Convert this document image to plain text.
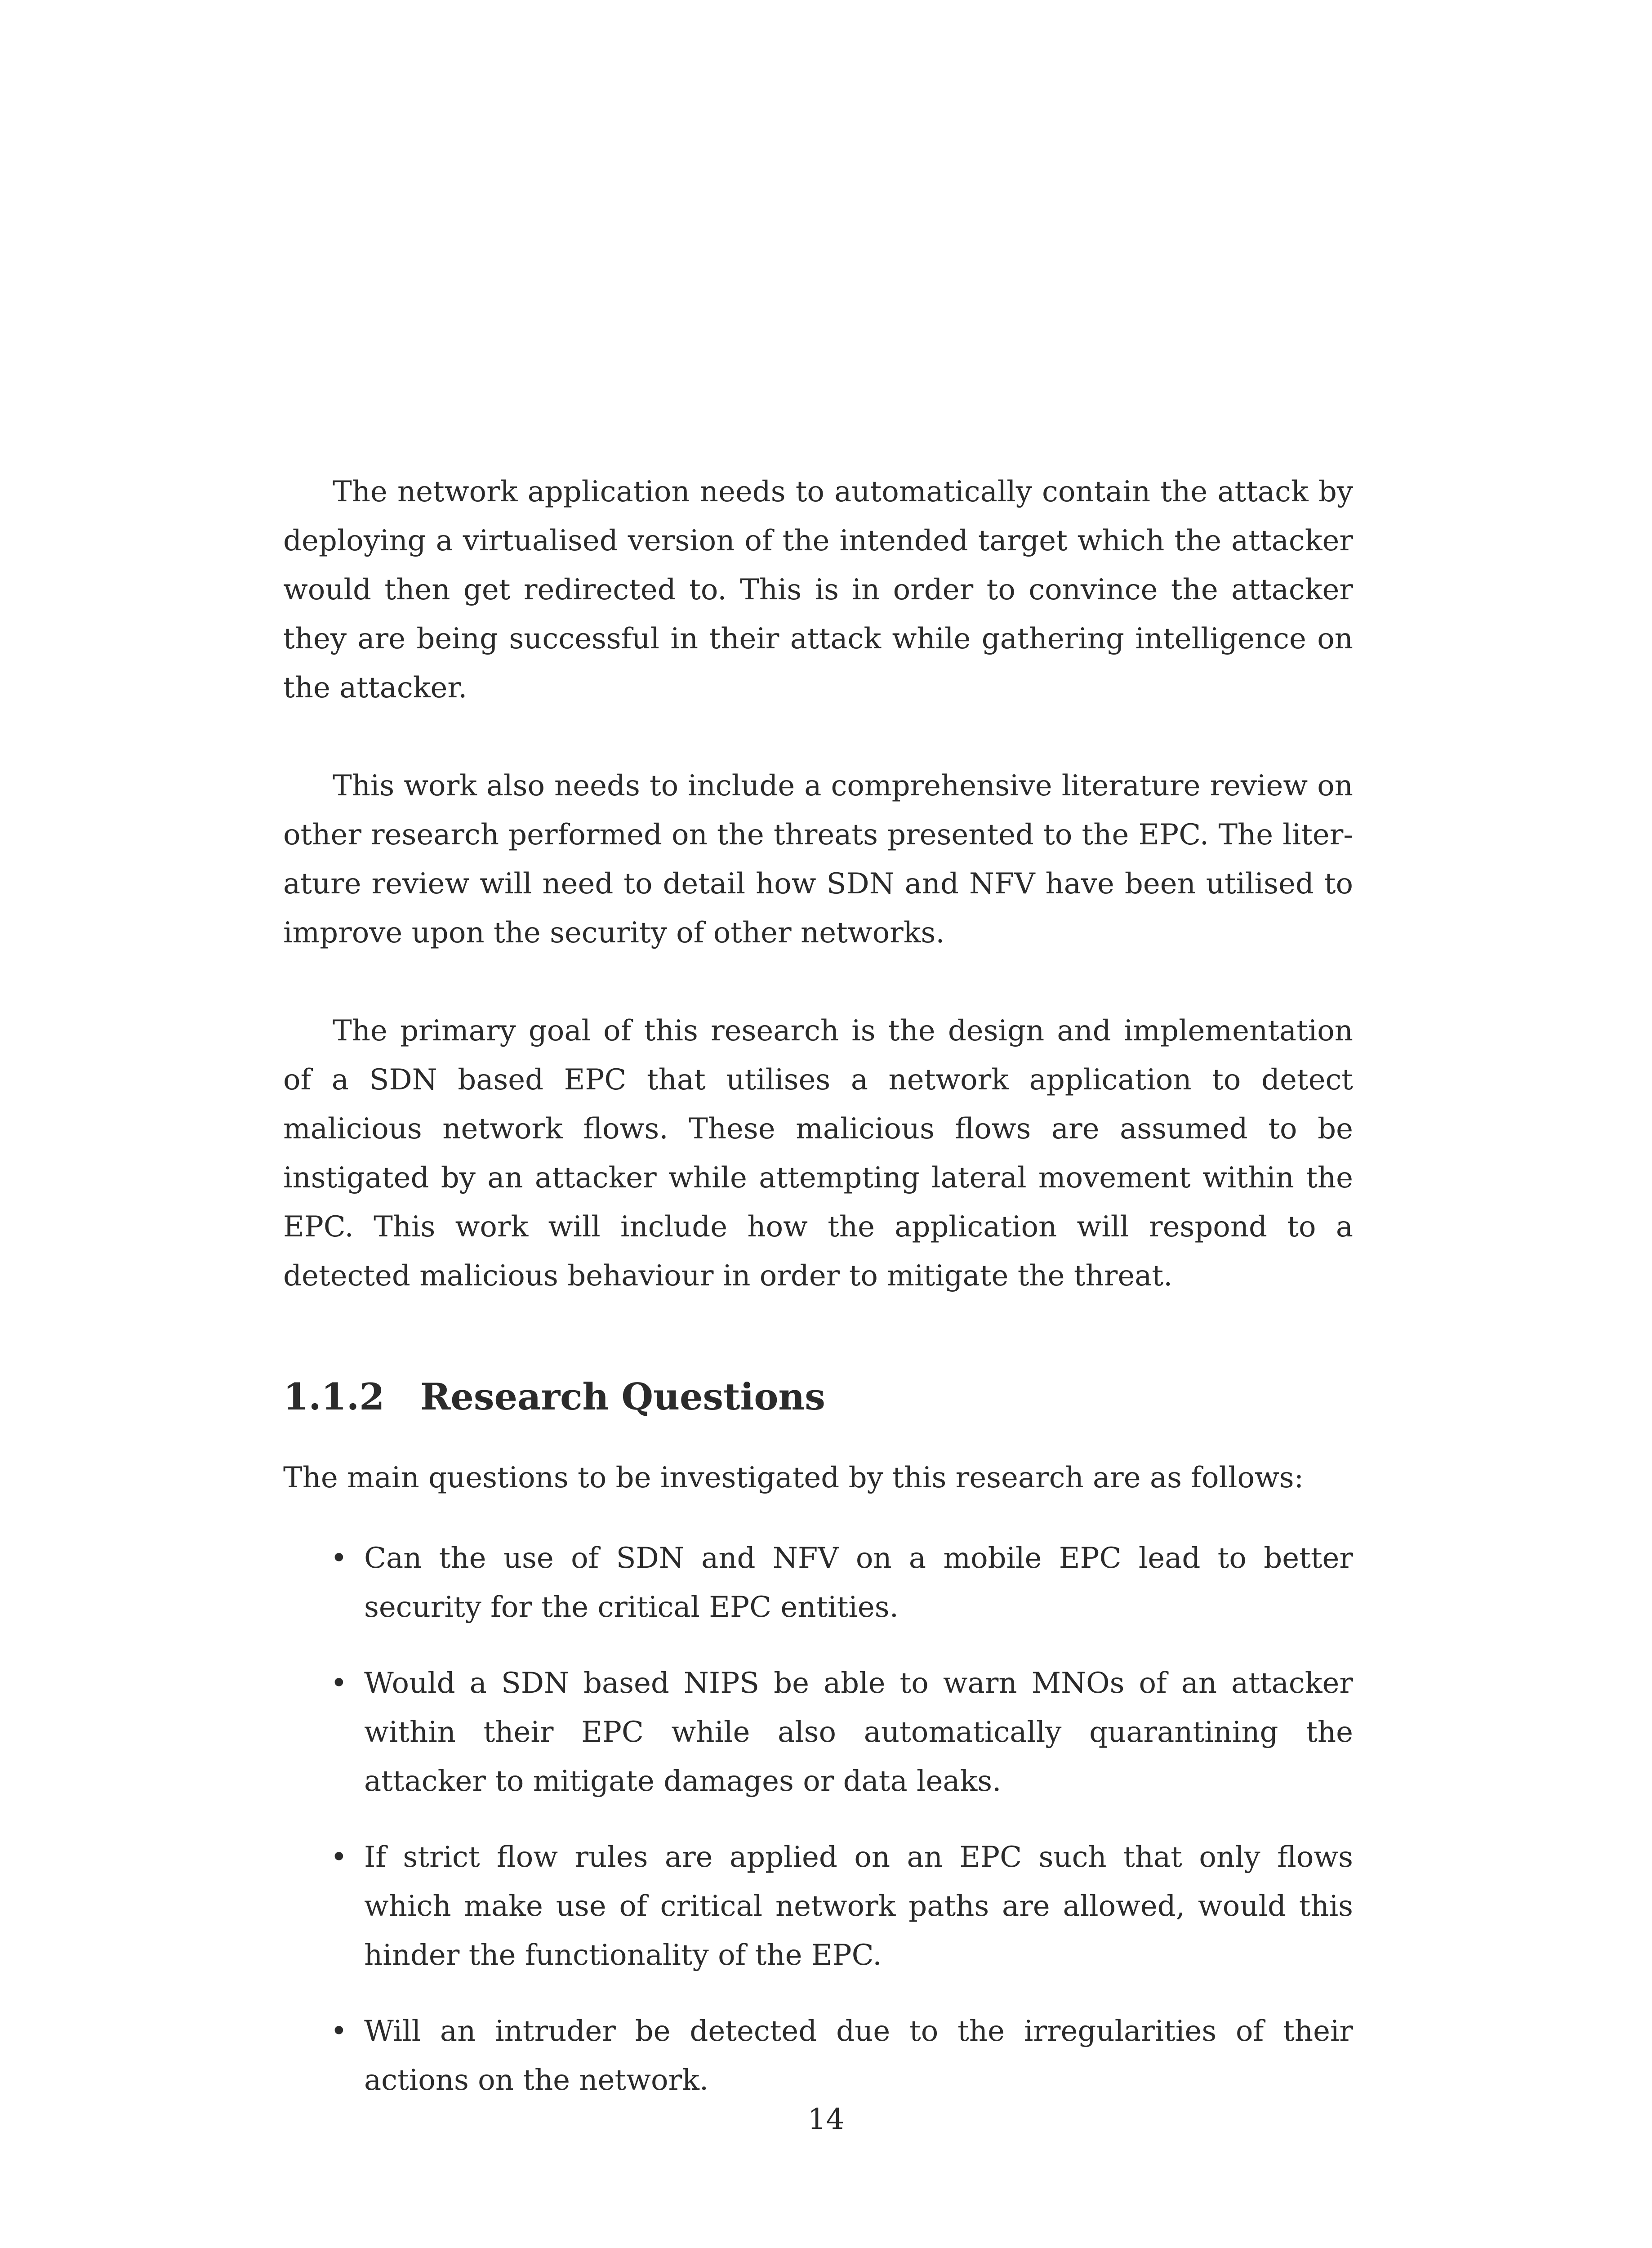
The network application needs to automatically contain the attack by deploying a virtualised version of the intended target which the attacker would then get redirected to. This is in order to convince the attacker they are being successful in their attack while gathering intelligence on the attacker.

This work also needs to include a comprehensive literature review on other research performed on the threats presented to the EPC. The literature review will need to detail how SDN and NFV have been utilised to improve upon the security of other networks.

The primary goal of this research is the design and implementation of a SDN based EPC that utilises a network application to detect malicious network flows. These malicious flows are assumed to be instigated by an attacker while attempting lateral movement within the EPC. This work will include how the application will respond to a detected malicious behaviour in order to mitigate the threat.

1.1.2 Research Questions

The main questions to be investigated by this research are as follows:

• Can the use of SDN and NFV on a mobile EPC lead to better security for the critical EPC entities.
• Would a SDN based NIPS be able to warn MNOs of an attacker within their EPC while also automatically quarantining the attacker to mitigate damages or data leaks.
• If strict flow rules are applied on an EPC such that only flows which make use of critical network paths are allowed, would this hinder the functionality of the EPC.
• Will an intruder be detected due to the irregularities of their actions on the network.
14
